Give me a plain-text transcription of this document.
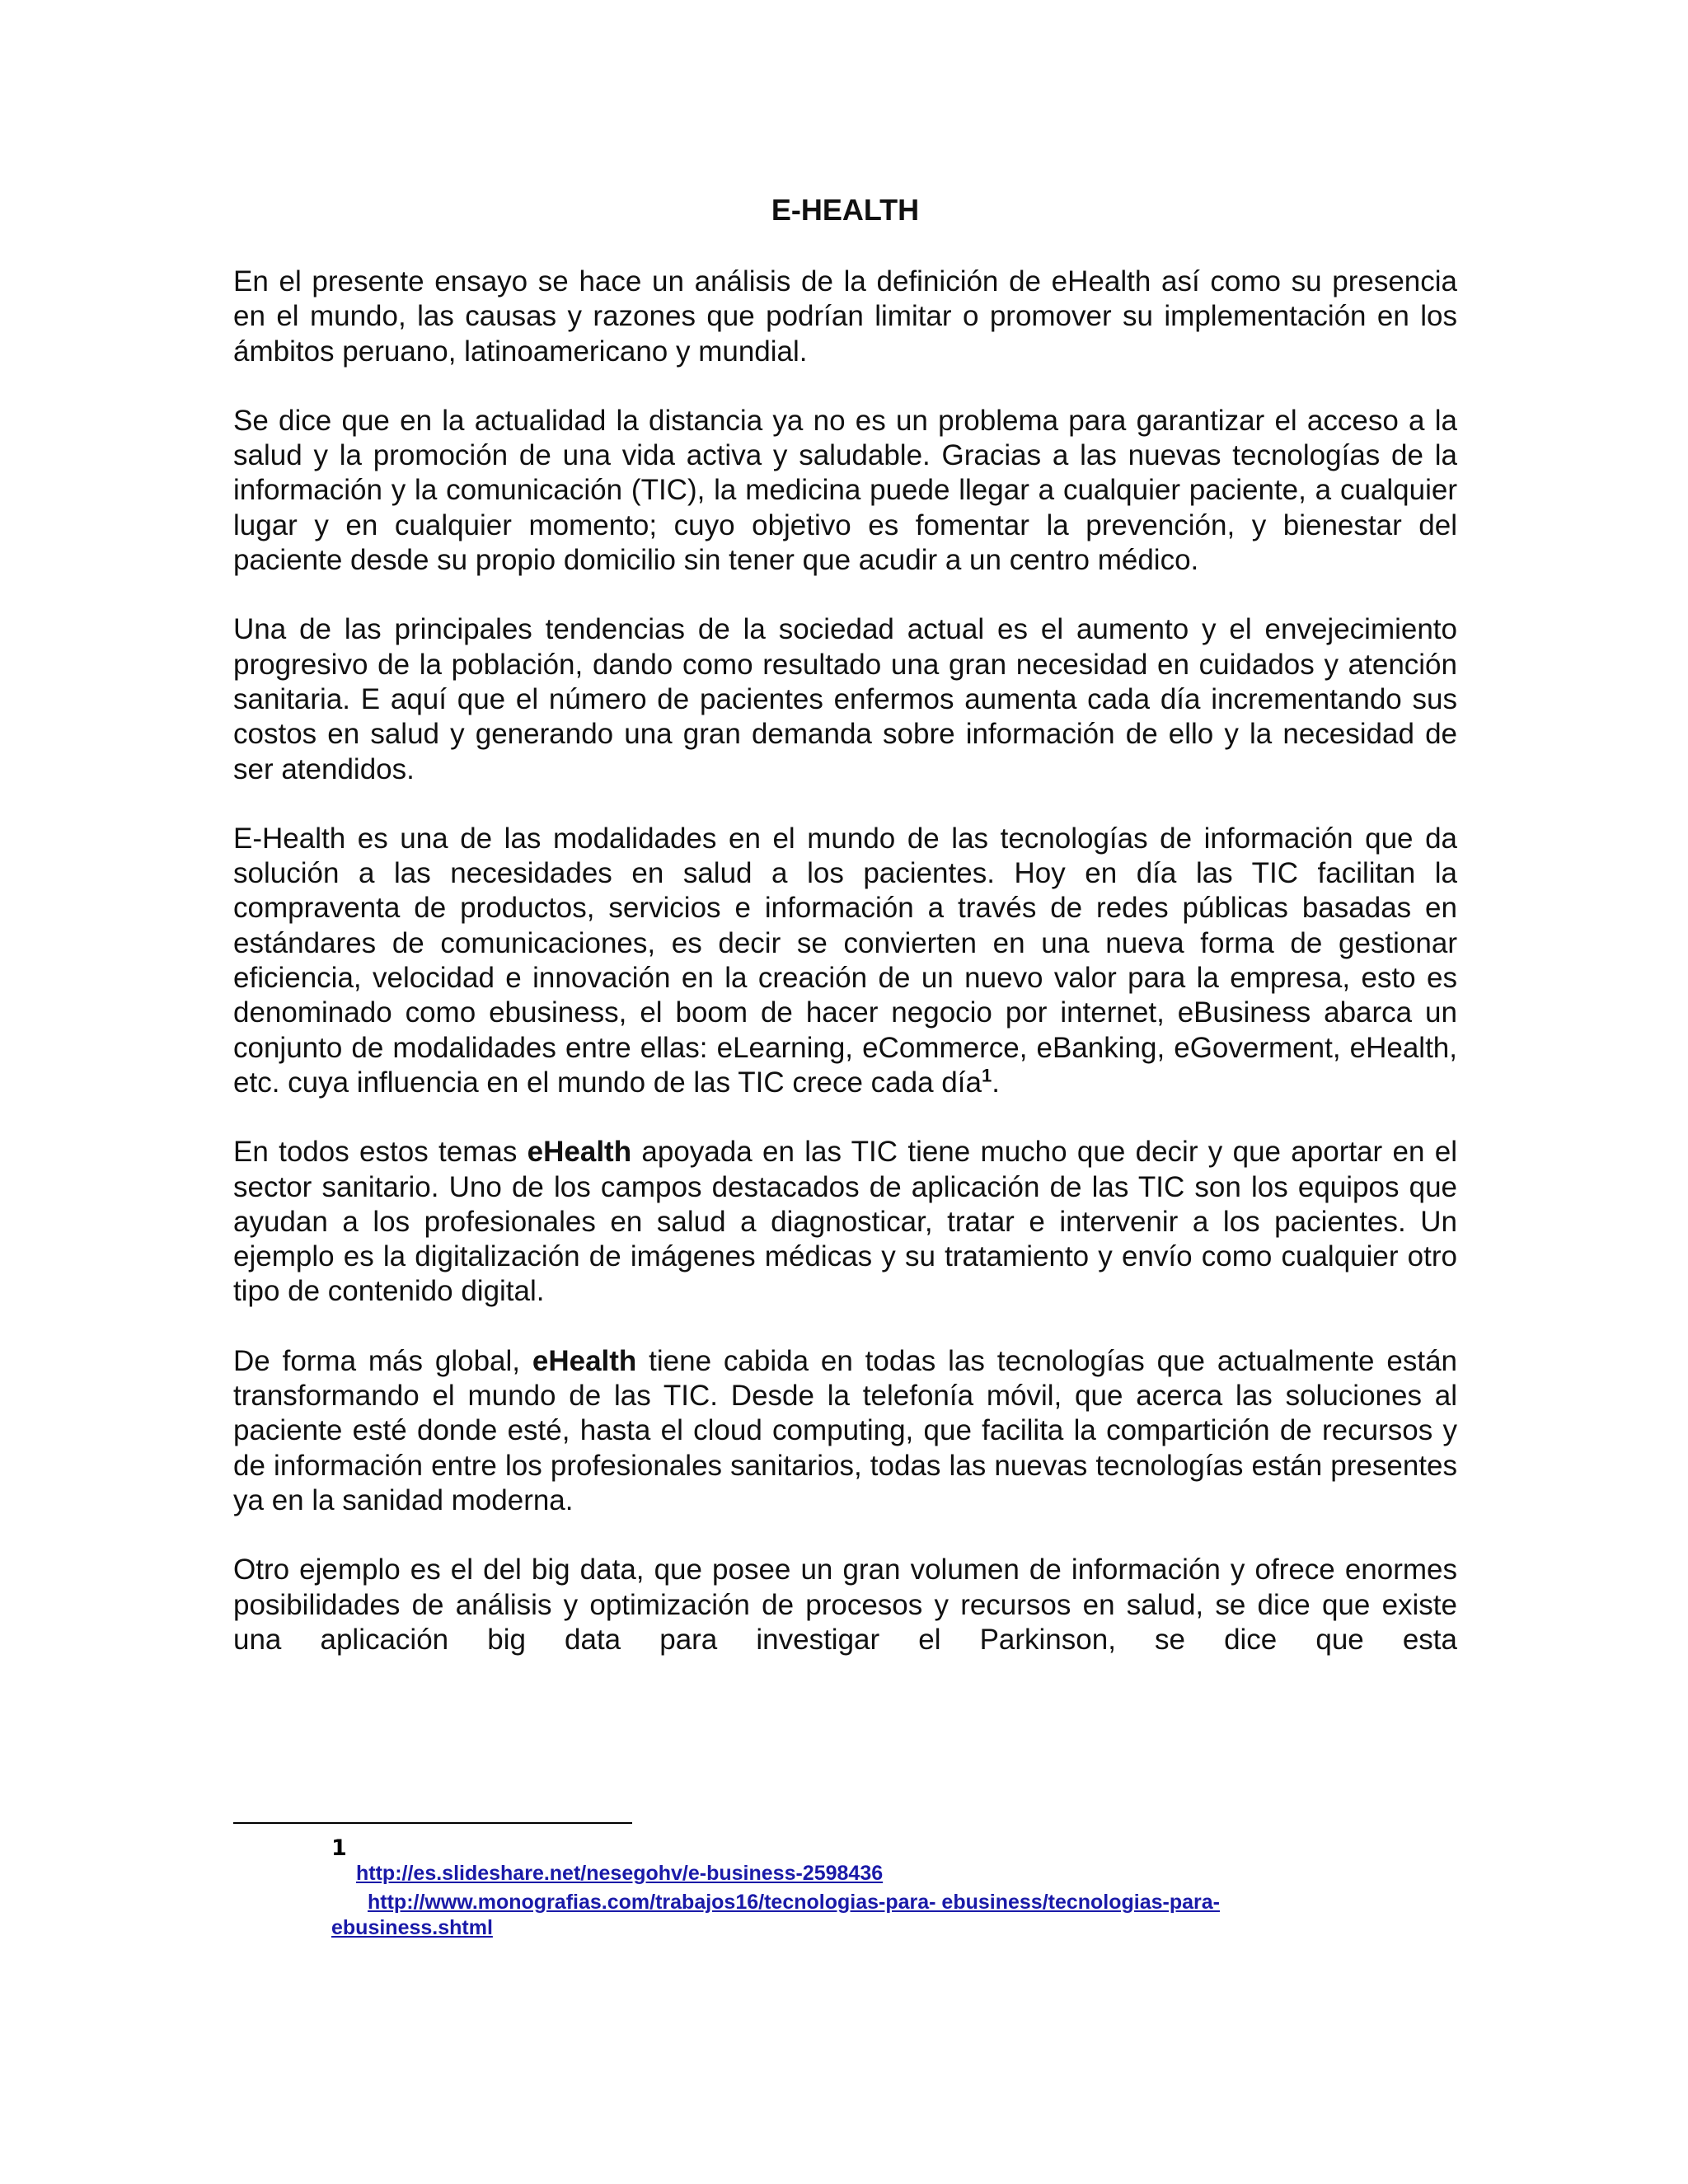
E-HEALTH

En el presente ensayo se hace un análisis de la definición de eHealth así como su presencia en el mundo, las causas y razones que podrían limitar o promover su implementación en los ámbitos peruano, latinoamericano y mundial.

Se dice que en la actualidad la distancia ya no es un problema para garantizar el acceso a la salud y la promoción de una vida activa y saludable. Gracias a las nuevas tecnologías de la información y la comunicación (TIC), la medicina puede llegar a cualquier paciente, a cualquier lugar y en cualquier momento; cuyo objetivo es fomentar la prevención, y bienestar del paciente desde su propio domicilio sin tener que acudir a un centro médico.

Una de las principales tendencias de la sociedad actual es el aumento y el envejecimiento progresivo de la población, dando como resultado una gran necesidad en cuidados y atención sanitaria. E aquí que el número de pacientes enfermos aumenta cada día incrementando sus costos en salud y generando una gran demanda sobre información de ello y la necesidad de ser atendidos.

E-Health es una de las modalidades en el mundo de las tecnologías de información que da solución a las necesidades en salud a los pacientes. Hoy en día las TIC facilitan la compraventa de productos, servicios e información a través de redes públicas basadas en estándares de comunicaciones, es decir se convierten en una nueva forma de gestionar eficiencia, velocidad e innovación en la creación de un nuevo valor para la empresa, esto es denominado como ebusiness, el boom de hacer negocio por internet, eBusiness abarca un conjunto de modalidades entre ellas: eLearning, eCommerce, eBanking, eGoverment, eHealth, etc. cuya influencia en el mundo de las TIC crece cada día$^1$.

En todos estos temas eHealth apoyada en las TIC tiene mucho que decir y que aportar en el sector sanitario. Uno de los campos destacados de aplicación de las TIC son los equipos que ayudan a los profesionales en salud a diagnosticar, tratar e intervenir a los pacientes. Un ejemplo es la digitalización de imágenes médicas y su tratamiento y envío como cualquier otro tipo de contenido digital.

De forma más global, eHealth tiene cabida en todas las tecnologías que actualmente están transformando el mundo de las TIC. Desde la telefonía móvil, que acerca las soluciones al paciente esté donde esté, hasta el cloud computing, que facilita la compartición de recursos y de información entre los profesionales sanitarios, todas las nuevas tecnologías están presentes ya en la sanidad moderna.

Otro ejemplo es el del big data, que posee un gran volumen de información y ofrece enormes posibilidades de análisis y optimización de procesos y recursos en salud, se dice que existe una aplicación big data para investigar el Parkinson, se dice que esta

1
http://es.slideshare.net/nesegohv/e-business-2598436
http://www.monografias.com/trabajos16/tecnologias-para- ebusiness/tecnologias-para-ebusiness.shtml
